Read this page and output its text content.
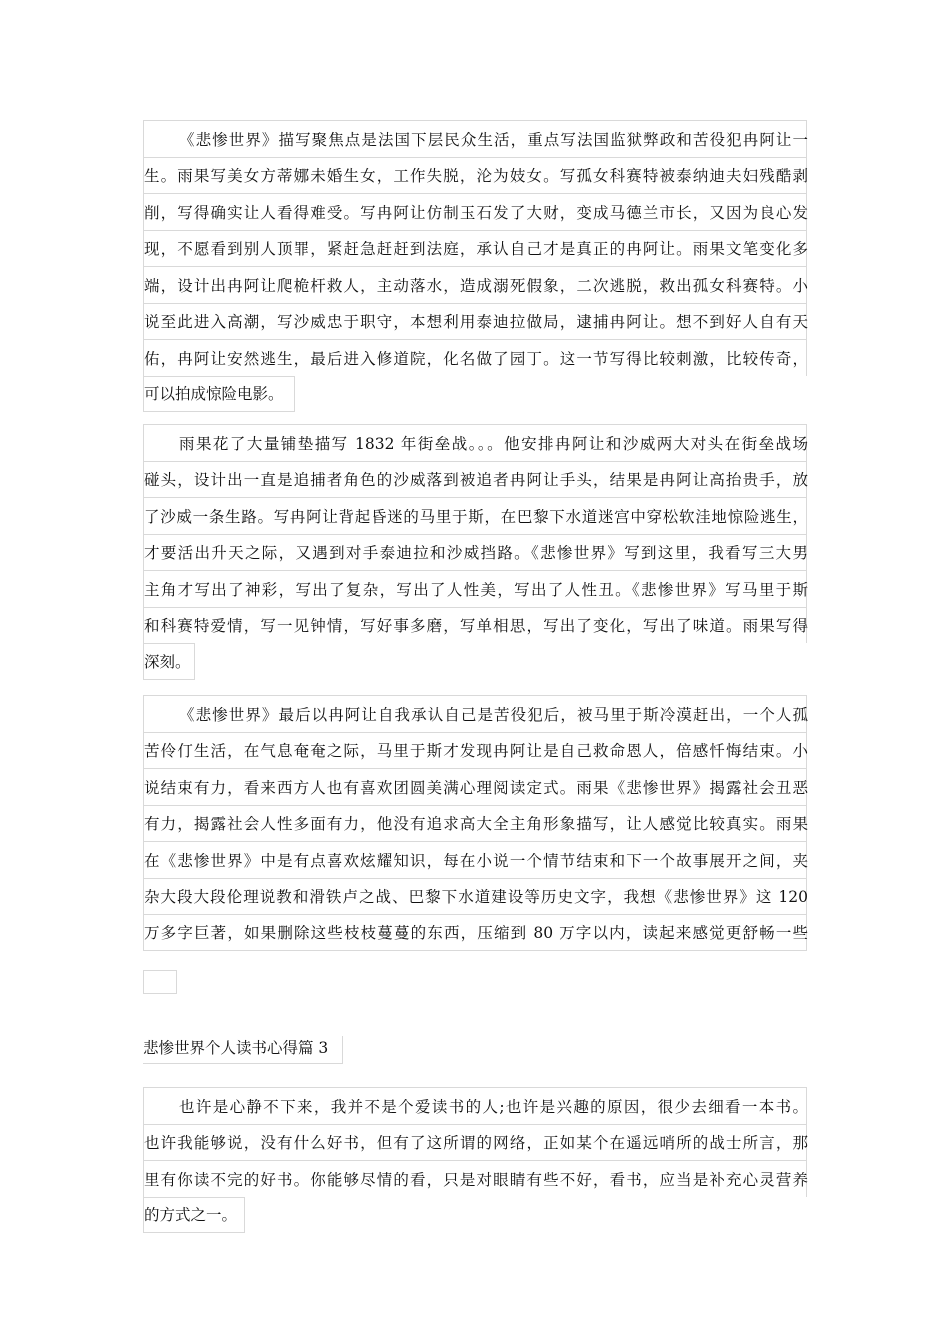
《悲惨世界》描写聚焦点是法国下层民众生活，重点写法国监狱弊政和苦役犯冉阿让一
生。雨果写美女方蒂娜未婚生女，工作失脱，沦为妓女。写孤女科赛特被泰纳迪夫妇残酷剥
削，写得确实让人看得难受。写冉阿让仿制玉石发了大财，变成马德兰市长，又因为良心发
现，不愿看到别人顶罪，紧赶急赶赶到法庭，承认自己才是真正的冉阿让。雨果文笔变化多
端，设计出冉阿让爬桅杆救人，主动落水，造成溺死假象，二次逃脱，救出孤女科赛特。小
说至此进入高潮，写沙威忠于职守，本想利用泰迪拉做局，逮捕冉阿让。想不到好人自有天
佑，冉阿让安然逃生，最后进入修道院，化名做了园丁。这一节写得比较刺激，比较传奇，
可以拍成惊险电影。
雨果花了大量铺垫描写 1832 年街垒战。。。他安排冉阿让和沙威两大对头在街垒战场
碰头，设计出一直是追捕者角色的沙威落到被追者冉阿让手头，结果是冉阿让高抬贵手，放
了沙威一条生路。写冉阿让背起昏迷的马里于斯，在巴黎下水道迷宫中穿松软洼地惊险逃生，
才要活出升天之际，又遇到对手泰迪拉和沙威挡路。《悲惨世界》写到这里，我看写三大男
主角才写出了神彩，写出了复杂，写出了人性美，写出了人性丑。《悲惨世界》写马里于斯
和科赛特爱情，写一见钟情，写好事多磨，写单相思，写出了变化，写出了味道。雨果写得
深刻。
《悲惨世界》最后以冉阿让自我承认自己是苦役犯后，被马里于斯冷漠赶出，一个人孤
苦伶仃生活，在气息奄奄之际，马里于斯才发现冉阿让是自己救命恩人，倍感忏悔结束。小
说结束有力，看来西方人也有喜欢团圆美满心理阅读定式。雨果《悲惨世界》揭露社会丑恶
有力，揭露社会人性多面有力，他没有追求高大全主角形象描写，让人感觉比较真实。雨果
在《悲惨世界》中是有点喜欢炫耀知识，每在小说一个情节结束和下一个故事展开之间，夹
杂大段大段伦理说教和滑铁卢之战、巴黎下水道建设等历史文字，我想《悲惨世界》这 120
万多字巨著，如果删除这些枝枝蔓蔓的东西，压缩到 80 万字以内，读起来感觉更舒畅一些
悲惨世界个人读书心得篇 3
也许是心静不下来，我并不是个爱读书的人;也许是兴趣的原因，很少去细看一本书。
也许我能够说，没有什么好书，但有了这所谓的网络，正如某个在遥远哨所的战士所言，那
里有你读不完的好书。你能够尽情的看，只是对眼睛有些不好，看书，应当是补充心灵营养
的方式之一。
